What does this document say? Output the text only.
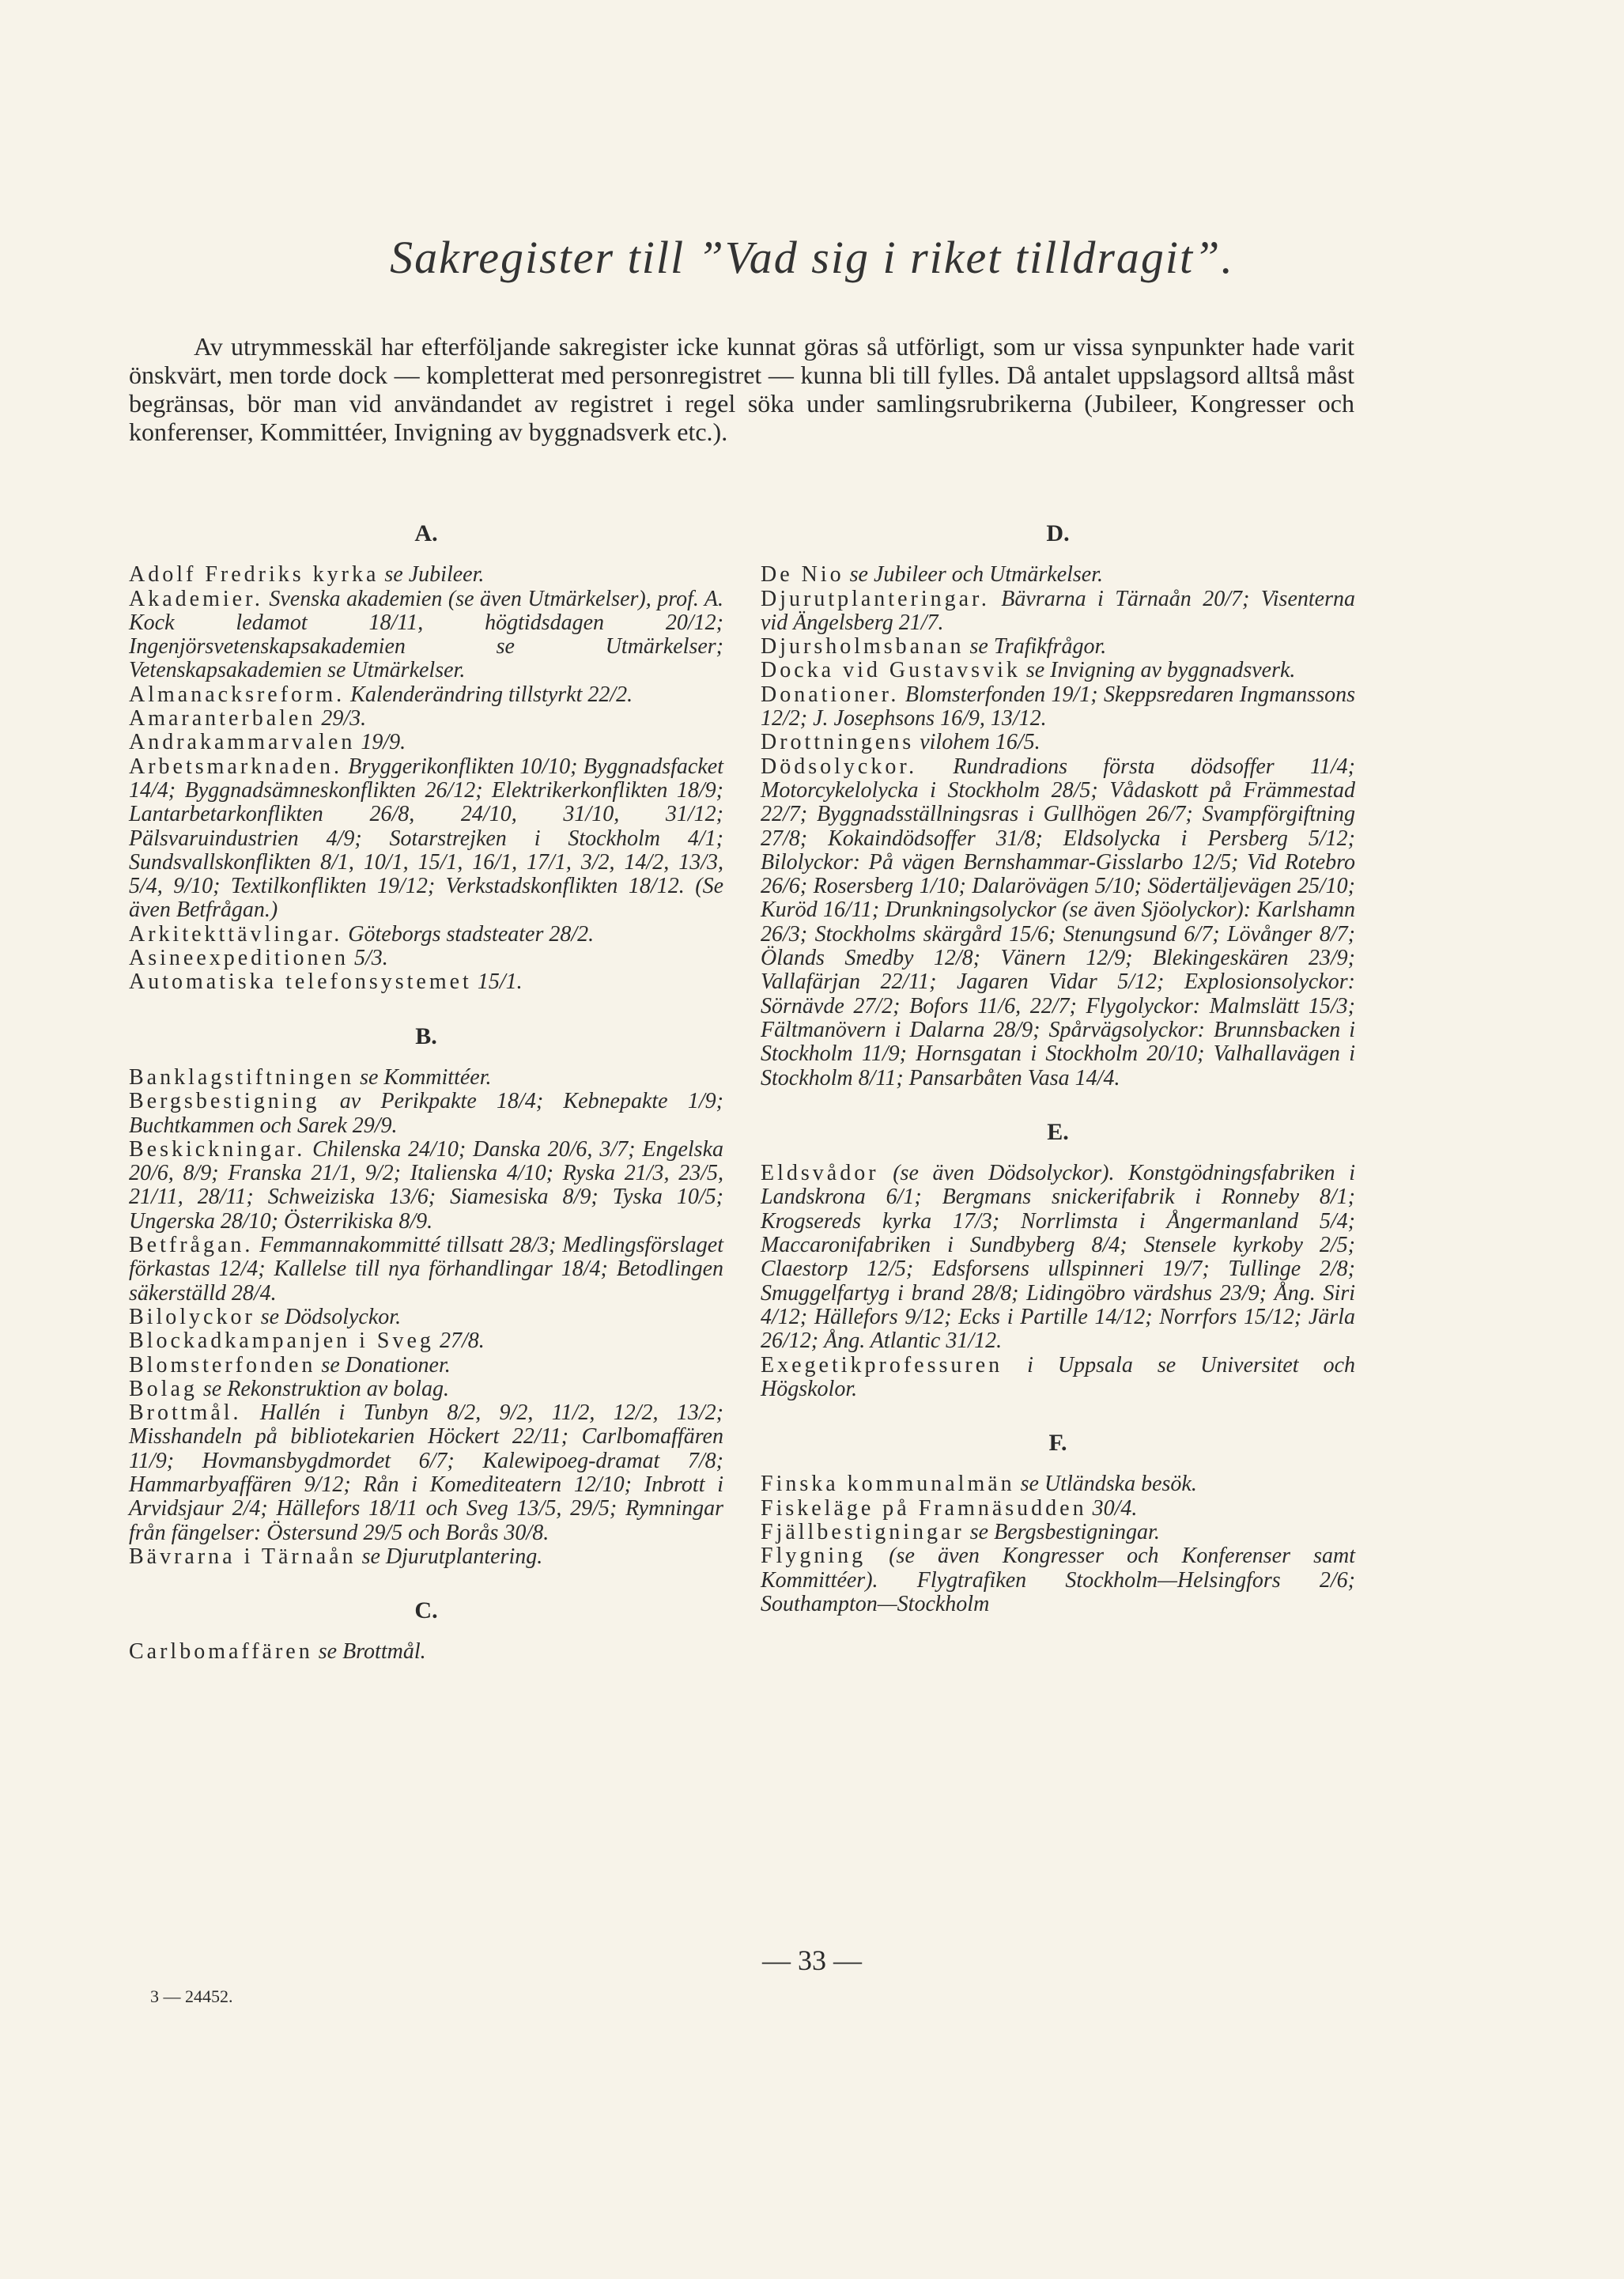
Sakregister till ”Vad sig i riket tilldragit”.

Av utrymmesskäl har efterföljande sakregister icke kunnat göras så utförligt, som ur vissa synpunkter hade varit önskvärt, men torde dock — kompletterat med personregistret — kunna bli till fylles. Då antalet uppslagsord alltså måst begränsas, bör man vid användandet av registret i regel söka under samlingsrubrikerna (Jubileer, Kongresser och konferenser, Kommittéer, Invigning av byggnadsverk etc.).

A.

Adolf Fredriks kyrka se Jubileer.

Akademier. Svenska akademien (se även Utmärkelser), prof. A. Kock ledamot 18/11, högtidsdagen 20/12; Ingenjörsvetenskapsakademien se Utmärkelser; Vetenskapsakademien se Utmärkelser.

Almanacksreform. Kalenderändring tillstyrkt 22/2.

Amaranterbalen 29/3.

Andrakammarvalen 19/9.

Arbetsmarknaden. Bryggerikonflikten 10/10; Byggnadsfacket 14/4; Byggnadsämneskonflikten 26/12; Elektrikerkonflikten 18/9; Lantarbetarkonflikten 26/8, 24/10, 31/10, 31/12; Pälsvaruindustrien 4/9; Sotarstrejken i Stockholm 4/1; Sundsvallskonflikten 8/1, 10/1, 15/1, 16/1, 17/1, 3/2, 14/2, 13/3, 5/4, 9/10; Textilkonflikten 19/12; Verkstadskonflikten 18/12. (Se även Betfrågan.)

Arkitekttävlingar. Göteborgs stadsteater 28/2.

Asineexpeditionen 5/3.

Automatiska telefonsystemet 15/1.

B.

Banklagstiftningen se Kommittéer.

Bergsbestigning av Perikpakte 18/4; Kebnepakte 1/9; Buchtkammen och Sarek 29/9.

Beskickningar. Chilenska 24/10; Danska 20/6, 3/7; Engelska 20/6, 8/9; Franska 21/1, 9/2; Italienska 4/10; Ryska 21/3, 23/5, 21/11, 28/11; Schweiziska 13/6; Siamesiska 8/9; Tyska 10/5; Ungerska 28/10; Österrikiska 8/9.

Betfrågan. Femmannakommitté tillsatt 28/3; Medlingsförslaget förkastas 12/4; Kallelse till nya förhandlingar 18/4; Betodlingen säkerställd 28/4.

Bilolyckor se Dödsolyckor.

Blockadkampanjen i Sveg 27/8.

Blomsterfonden se Donationer.

Bolag se Rekonstruktion av bolag.

Brottmål. Hallén i Tunbyn 8/2, 9/2, 11/2, 12/2, 13/2; Misshandeln på bibliotekarien Höckert 22/11; Carlbomaffären 11/9; Hovmansbygdmordet 6/7; Kalewipoeg-dramat 7/8; Hammarbyaffären 9/12; Rån i Komediteatern 12/10; Inbrott i Arvidsjaur 2/4; Hällefors 18/11 och Sveg 13/5, 29/5; Rymningar från fängelser: Östersund 29/5 och Borås 30/8.

Bävrarna i Tärnaån se Djurutplantering.

C.

Carlbomaffären se Brottmål.

D.

De Nio se Jubileer och Utmärkelser.

Djurutplanteringar. Bävrarna i Tärnaån 20/7; Visenterna vid Ängelsberg 21/7.

Djursholmsbanan se Trafikfrågor.

Docka vid Gustavsvik se Invigning av byggnadsverk.

Donationer. Blomsterfonden 19/1; Skeppsredaren Ingmanssons 12/2; J. Josephsons 16/9, 13/12.

Drottningens vilohem 16/5.

Dödsolyckor. Rundradions första dödsoffer 11/4; Motorcykelolycka i Stockholm 28/5; Vådaskott på Främmestad 22/7; Byggnadsställningsras i Gullhögen 26/7; Svampförgiftning 27/8; Kokaindödsoffer 31/8; Eldsolycka i Persberg 5/12; Bilolyckor: På vägen Bernshammar-Gisslarbo 12/5; Vid Rotebro 26/6; Rosersberg 1/10; Dalarövägen 5/10; Södertäljevägen 25/10; Kuröd 16/11; Drunkningsolyckor (se även Sjöolyckor): Karlshamn 26/3; Stockholms skärgård 15/6; Stenungsund 6/7; Lövånger 8/7; Ölands Smedby 12/8; Vänern 12/9; Blekingeskären 23/9; Vallafärjan 22/11; Jagaren Vidar 5/12; Explosionsolyckor: Sörnävde 27/2; Bofors 11/6, 22/7; Flygolyckor: Malmslätt 15/3; Fältmanövern i Dalarna 28/9; Spårvägsolyckor: Brunnsbacken i Stockholm 11/9; Hornsgatan i Stockholm 20/10; Valhallavägen i Stockholm 8/11; Pansarbåten Vasa 14/4.

E.

Eldsvådor (se även Dödsolyckor). Konstgödningsfabriken i Landskrona 6/1; Bergmans snickerifabrik i Ronneby 8/1; Krogsereds kyrka 17/3; Norrlimsta i Ångermanland 5/4; Maccaronifabriken i Sundbyberg 8/4; Stensele kyrkoby 2/5; Claestorp 12/5; Edsforsens ullspinneri 19/7; Tullinge 2/8; Smuggelfartyg i brand 28/8; Lidingöbro värdshus 23/9; Ång. Siri 4/12; Hällefors 9/12; Ecks i Partille 14/12; Norrfors 15/12; Järla 26/12; Ång. Atlantic 31/12.

Exegetikprofessuren i Uppsala se Universitet och Högskolor.

F.

Finska kommunalmän se Utländska besök.

Fiskeläge på Framnäsudden 30/4.

Fjällbestigningar se Bergsbestigningar.

Flygning (se även Kongresser och Konferenser samt Kommittéer). Flygtrafiken Stockholm—Helsingfors 2/6; Southampton—Stockholm

— 33 —
3 — 24452.
